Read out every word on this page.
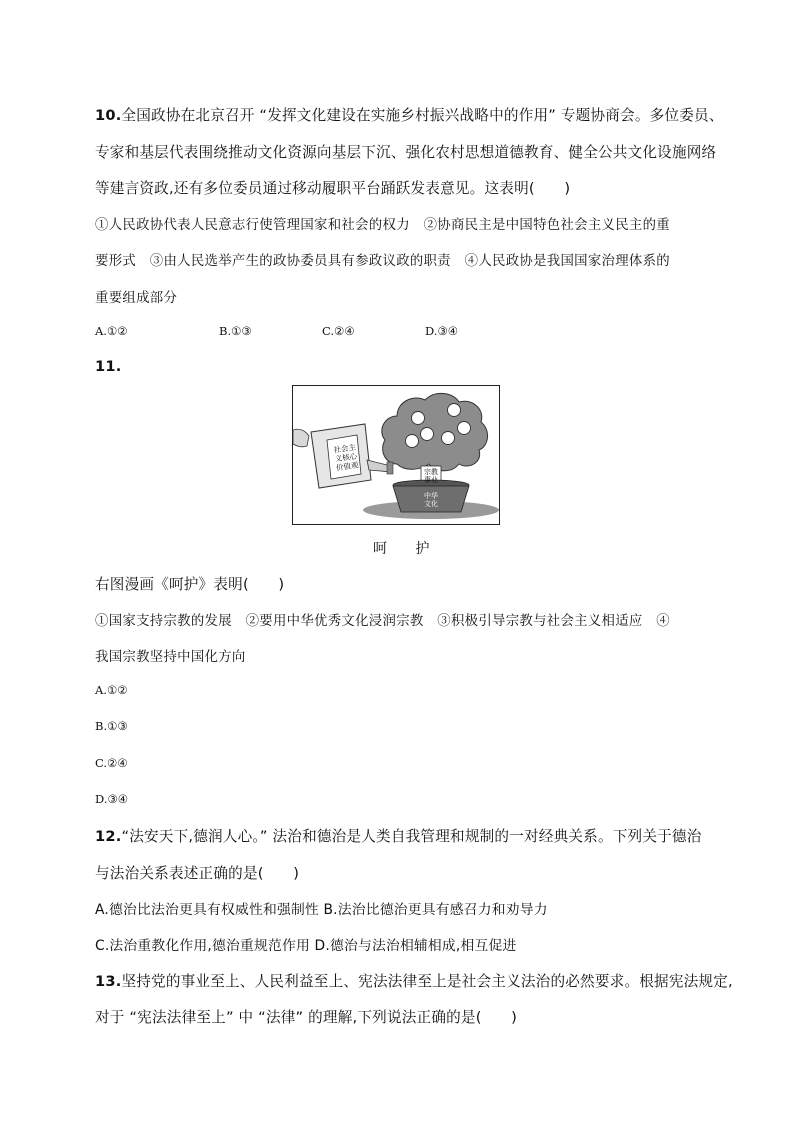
10.全国政协在北京召开 “发挥文化建设在实施乡村振兴战略中的作用” 专题协商会。多位委员、
专家和基层代表围绕推动文化资源向基层下沉、强化农村思想道德教育、健全公共文化设施网络
等建言资政,还有多位委员通过移动履职平台踊跃发表意见。这表明(　　)
①人民政协代表人民意志行使管理国家和社会的权力　②协商民主是中国特色社会主义民主的重
要形式　③由人民选举产生的政协委员具有参政议政的职责　④人民政协是我国国家治理体系的
重要组成部分
A.①②	B.①③	C.②④	D.③④
11.
社会主义核心价值观	宗教事业
中华文化
呵 护
右图漫画《呵护》表明(　　)
①国家支持宗教的发展　②要用中华优秀文化浸润宗教　③积极引导宗教与社会主义相适应　④
我国宗教坚持中国化方向
A.①②
B.①③
C.②④
D.③④
12.“法安天下,德润人心。” 法治和德治是人类自我管理和规制的一对经典关系。下列关于德治
与法治关系表述正确的是(　　)
A.德治比法治更具有权威性和强制性 B.法治比德治更具有感召力和劝导力
C.法治重教化作用,德治重规范作用 D.德治与法治相辅相成,相互促进
13.坚持党的事业至上、人民利益至上、宪法法律至上是社会主义法治的必然要求。根据宪法规定,
对于 “宪法法律至上” 中 “法律” 的理解,下列说法正确的是(　　)
